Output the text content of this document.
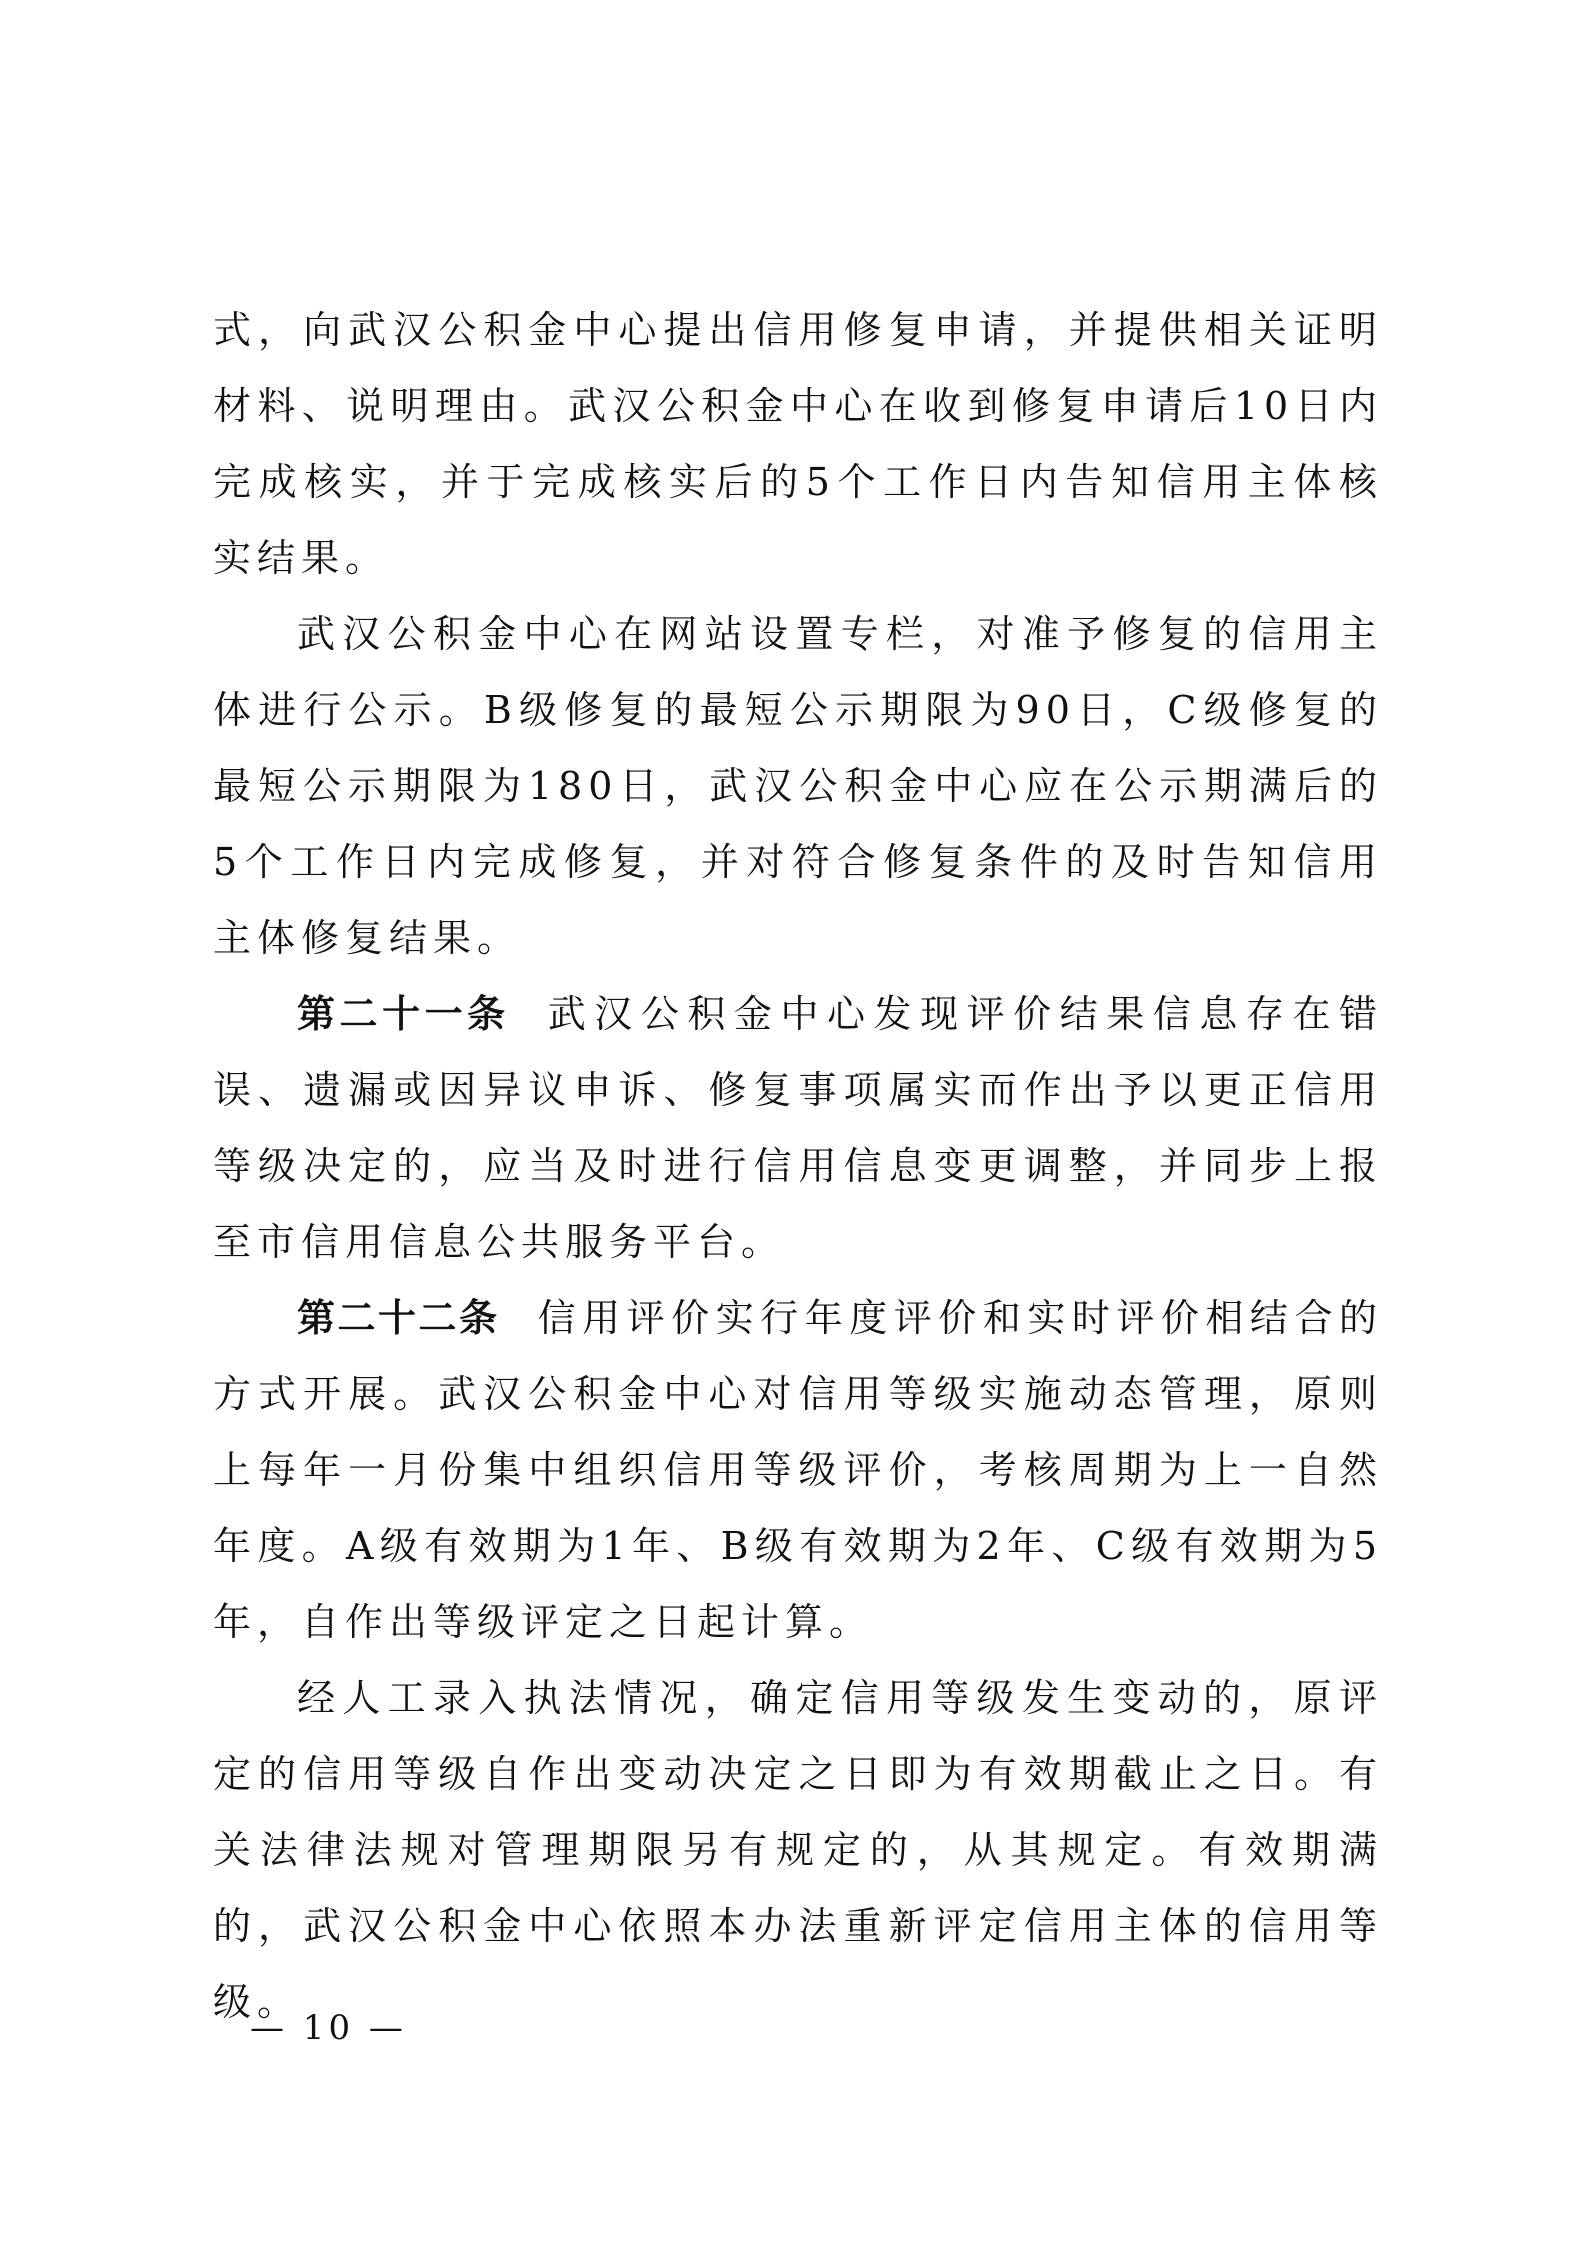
式，向武汉公积金中心提出信用修复申请，并提供相关证明材料、说明理由。武汉公积金中心在收到修复申请后10日内完成核实，并于完成核实后的5个工作日内告知信用主体核实结果。

武汉公积金中心在网站设置专栏，对准予修复的信用主体进行公示。B级修复的最短公示期限为90日，C级修复的最短公示期限为180日，武汉公积金中心应在公示期满后的5个工作日内完成修复，并对符合修复条件的及时告知信用主体修复结果。

第二十一条 武汉公积金中心发现评价结果信息存在错误、遗漏或因异议申诉、修复事项属实而作出予以更正信用等级决定的，应当及时进行信用信息变更调整，并同步上报至市信用信息公共服务平台。

第二十二条 信用评价实行年度评价和实时评价相结合的方式开展。武汉公积金中心对信用等级实施动态管理，原则上每年一月份集中组织信用等级评价，考核周期为上一自然年度。A级有效期为1年、B级有效期为2年、C级有效期为5年，自作出等级评定之日起计算。

经人工录入执法情况，确定信用等级发生变动的，原评定的信用等级自作出变动决定之日即为有效期截止之日。有关法律法规对管理期限另有规定的，从其规定。有效期满的，武汉公积金中心依照本办法重新评定信用主体的信用等级。

— 10 —
